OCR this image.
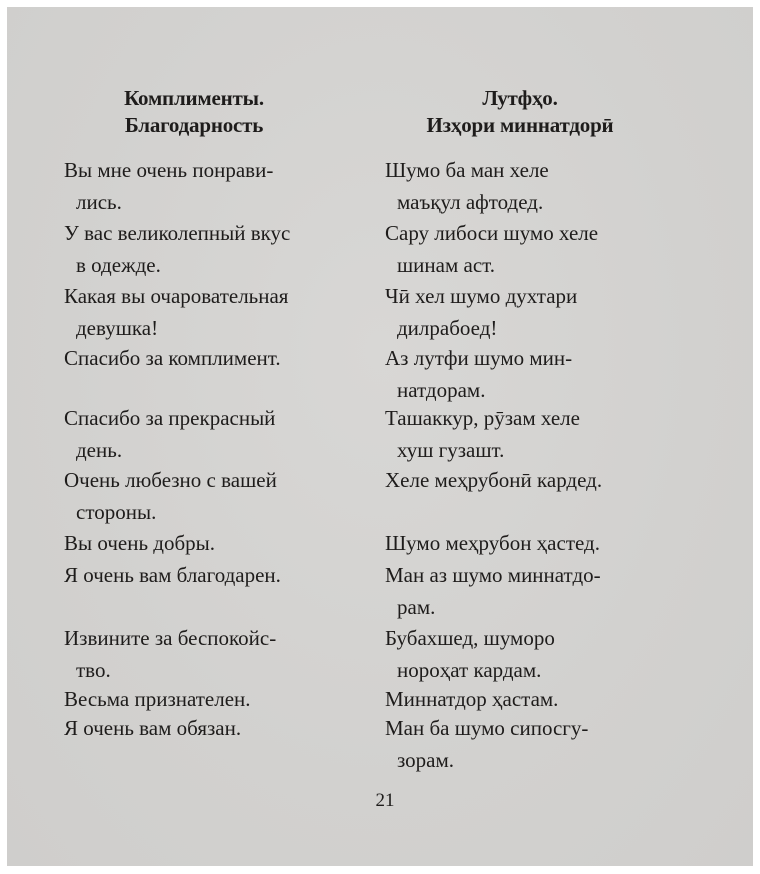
Комплименты.
Благодарность
Вы мне очень понрави-
лись.
У вас великолепный вкус
в одежде.
Какая вы очаровательная
девушка!
Спасибо за комплимент.
Спасибо за прекрасный
день.
Очень любезно с вашей
стороны.
Вы очень добры.
Я очень вам благодарен.
Извините за беспокойс-
тво.
Весьма признателен.
Я очень вам обязан.
Лутфҳо.
Изҳори миннатдорӣ
Шумо ба ман хеле
маъқул афтодед.
Сару либоси шумо хеле
шинам аст.
Чӣ хел шумо духтари
дилрабоед!
Аз лутфи шумо мин-
натдорам.
Ташаккур, рӯзам хеле
хуш гузашт.
Хеле меҳрубонӣ кардед.
Шумо меҳрубон ҳастед.
Ман аз шумо миннатдо-
рам.
Бубахшед, шуморо
нороҳат кардам.
Миннатдор ҳастам.
Ман ба шумо сипосгу-
зорам.
21
